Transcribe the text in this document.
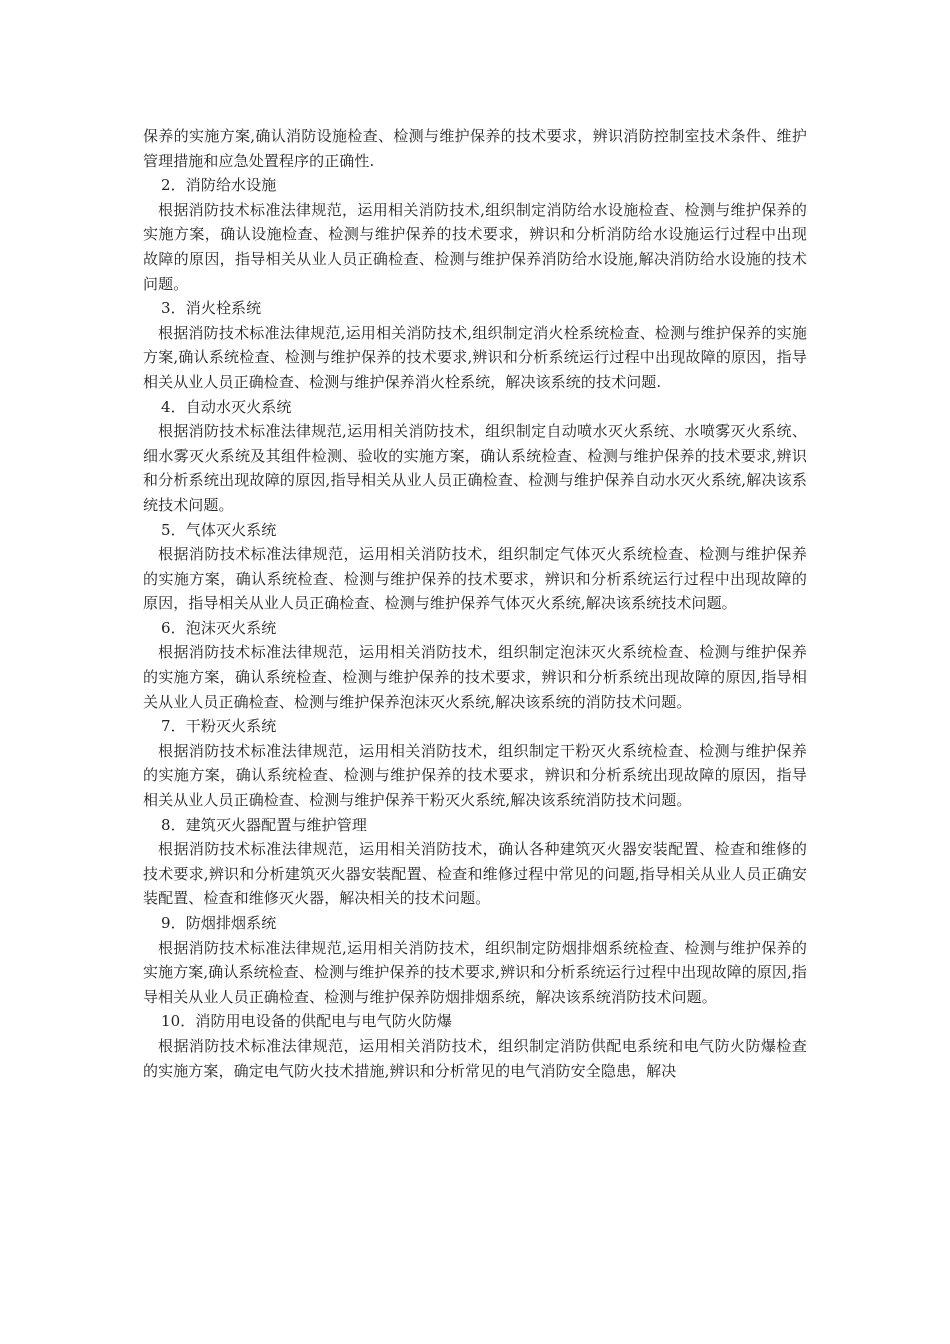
保养的实施方案,确认消防设施检查、检测与维护保养的技术要求，辨识消防控制室技术条件、维护管理措施和应急处置程序的正确性.

2．消防给水设施

根据消防技术标准法律规范，运用相关消防技术,组织制定消防给水设施检查、检测与维护保养的实施方案，确认设施检查、检测与维护保养的技术要求，辨识和分析消防给水设施运行过程中出现故障的原因，指导相关从业人员正确检查、检测与维护保养消防给水设施,解决消防给水设施的技术问题。

3．消火栓系统

根据消防技术标准法律规范,运用相关消防技术,组织制定消火栓系统检查、检测与维护保养的实施方案,确认系统检查、检测与维护保养的技术要求,辨识和分析系统运行过程中出现故障的原因，指导相关从业人员正确检查、检测与维护保养消火栓系统，解决该系统的技术问题.

4．自动水灭火系统

根据消防技术标准法律规范,运用相关消防技术，组织制定自动喷水灭火系统、水喷雾灭火系统、细水雾灭火系统及其组件检测、验收的实施方案，确认系统检查、检测与维护保养的技术要求,辨识和分析系统出现故障的原因,指导相关从业人员正确检查、检测与维护保养自动水灭火系统,解决该系统技术问题。

5．气体灭火系统

根据消防技术标准法律规范，运用相关消防技术，组织制定气体灭火系统检查、检测与维护保养的实施方案，确认系统检查、检测与维护保养的技术要求，辨识和分析系统运行过程中出现故障的原因，指导相关从业人员正确检查、检测与维护保养气体灭火系统,解决该系统技术问题。

6．泡沫灭火系统

根据消防技术标准法律规范，运用相关消防技术，组织制定泡沫灭火系统检查、检测与维护保养的实施方案，确认系统检查、检测与维护保养的技术要求，辨识和分析系统出现故障的原因,指导相关从业人员正确检查、检测与维护保养泡沫灭火系统,解决该系统的消防技术问题。

7．干粉灭火系统

根据消防技术标准法律规范，运用相关消防技术，组织制定干粉灭火系统检查、检测与维护保养的实施方案，确认系统检查、检测与维护保养的技术要求，辨识和分析系统出现故障的原因，指导相关从业人员正确检查、检测与维护保养干粉灭火系统,解决该系统消防技术问题。

8．建筑灭火器配置与维护管理

根据消防技术标准法律规范，运用相关消防技术，确认各种建筑灭火器安装配置、检查和维修的技术要求,辨识和分析建筑灭火器安装配置、检查和维修过程中常见的问题,指导相关从业人员正确安装配置、检查和维修灭火器，解决相关的技术问题。

9．防烟排烟系统

根据消防技术标准法律规范,运用相关消防技术，组织制定防烟排烟系统检查、检测与维护保养的实施方案,确认系统检查、检测与维护保养的技术要求,辨识和分析系统运行过程中出现故障的原因,指导相关从业人员正确检查、检测与维护保养防烟排烟系统，解决该系统消防技术问题。

10．消防用电设备的供配电与电气防火防爆

根据消防技术标准法律规范，运用相关消防技术，组织制定消防供配电系统和电气防火防爆检查的实施方案，确定电气防火技术措施,辨识和分析常见的电气消防安全隐患，解决
